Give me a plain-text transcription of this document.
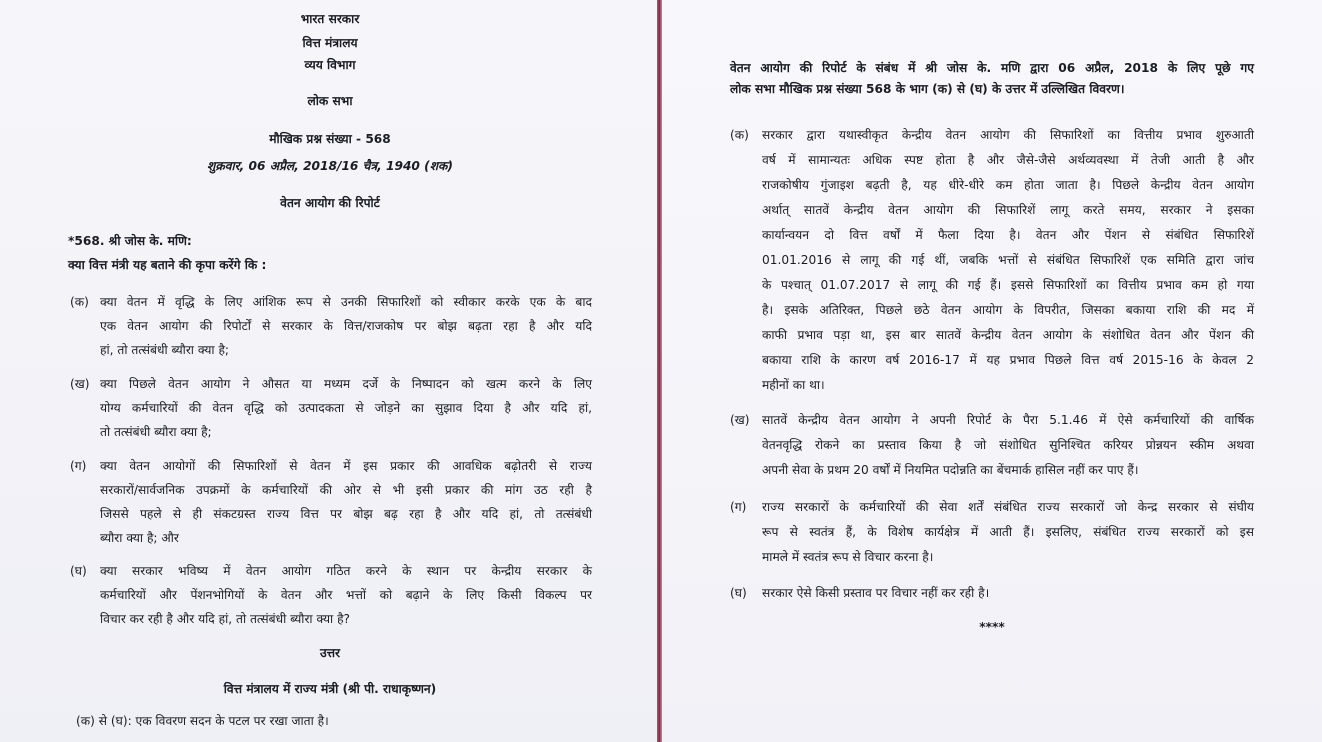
भारत सरकार
वित्त मंत्रालय
व्यय विभाग
लोक सभा
मौखिक प्रश्न संख्या - 568
शुक्रवार, 06 अप्रैल, 2018/16 चैत्र, 1940 (शक)
वेतन आयोग की रिपोर्ट
*568. श्री जोस के. मणि:
क्या वित्त मंत्री यह बताने की कृपा करेंगे कि :
(क) क्या वेतन में वृद्धि के लिए आंशिक रूप से उनकी सिफारिशों को स्वीकार करके एक के बाद
एक वेतन आयोग की रिपोर्टों से सरकार के वित्त/राजकोष पर बोझ बढ़ता रहा है और यदि
हां, तो तत्संबंधी ब्यौरा क्या है;
(ख) क्या पिछले वेतन आयोग ने औसत या मध्यम दर्जे के निष्पादन को खत्म करने के लिए
योग्य कर्मचारियों की वेतन वृद्धि को उत्पादकता से जोड़ने का सुझाव दिया है और यदि हां,
तो तत्संबंधी ब्यौरा क्या है;
(ग) क्या वेतन आयोगों की सिफारिशों से वेतन में इस प्रकार की आवधिक बढ़ोतरी से राज्य
सरकारों/सार्वजनिक उपक्रमों के कर्मचारियों की ओर से भी इसी प्रकार की मांग उठ रही है
जिससे पहले से ही संकटग्रस्त राज्य वित्त पर बोझ बढ़ रहा है और यदि हां, तो तत्संबंधी
ब्यौरा क्या है; और
(घ) क्या सरकार भविष्य में वेतन आयोग गठित करने के स्थान पर केन्द्रीय सरकार के
कर्मचारियों और पेंशनभोगियों के वेतन और भत्तों को बढ़ाने के लिए किसी विकल्प पर
विचार कर रही है और यदि हां, तो तत्संबंधी ब्यौरा क्या है?
उत्तर
वित्त मंत्रालय में राज्य मंत्री (श्री पी. राधाकृष्णन)
(क) से (घ): एक विवरण सदन के पटल पर रखा जाता है।
वेतन आयोग की रिपोर्ट के संबंध में श्री जोस के. मणि द्वारा 06 अप्रैल, 2018 के लिए पूछे गए
लोक सभा मौखिक प्रश्न संख्या 568 के भाग (क) से (घ) के उत्तर में उल्लिखित विवरण।
(क) सरकार द्वारा यथास्वीकृत केन्द्रीय वेतन आयोग की सिफारिशों का वित्तीय प्रभाव शुरुआती
वर्ष में सामान्यतः अधिक स्पष्ट होता है और जैसे-जैसे अर्थव्यवस्था में तेजी आती है और
राजकोषीय गुंजाइश बढ़ती है, यह धीरे-धीरे कम होता जाता है। पिछले केन्द्रीय वेतन आयोग
अर्थात् सातवें केन्द्रीय वेतन आयोग की सिफारिशें लागू करते समय, सरकार ने इसका
कार्यान्वयन दो वित्त वर्षों में फैला दिया है। वेतन और पेंशन से संबंधित सिफारिशें
01.01.2016 से लागू की गई थीं, जबकि भत्तों से संबंधित सिफारिशें एक समिति द्वारा जांच
के पश्चात् 01.07.2017 से लागू की गई हैं। इससे सिफारिशों का वित्तीय प्रभाव कम हो गया
है। इसके अतिरिक्त, पिछले छठे वेतन आयोग के विपरीत, जिसका बकाया राशि की मद में
काफी प्रभाव पड़ा था, इस बार सातवें केन्द्रीय वेतन आयोग के संशोधित वेतन और पेंशन की
बकाया राशि के कारण वर्ष 2016-17 में यह प्रभाव पिछले वित्त वर्ष 2015-16 के केवल 2
महीनों का था।
(ख) सातवें केन्द्रीय वेतन आयोग ने अपनी रिपोर्ट के पैरा 5.1.46 में ऐसे कर्मचारियों की वार्षिक
वेतनवृद्धि रोकने का प्रस्ताव किया है जो संशोधित सुनिश्चित करियर प्रोन्नयन स्कीम अथवा
अपनी सेवा के प्रथम 20 वर्षों में नियमित पदोन्नति का बेंचमार्क हासिल नहीं कर पाए हैं।
(ग) राज्य सरकारों के कर्मचारियों की सेवा शर्तें संबंधित राज्य सरकारों जो केन्द्र सरकार से संघीय
रूप से स्वतंत्र हैं, के विशेष कार्यक्षेत्र में आती हैं। इसलिए, संबंधित राज्य सरकारों को इस
मामले में स्वतंत्र रूप से विचार करना है।
(घ) सरकार ऐसे किसी प्रस्ताव पर विचार नहीं कर रही है।
****
